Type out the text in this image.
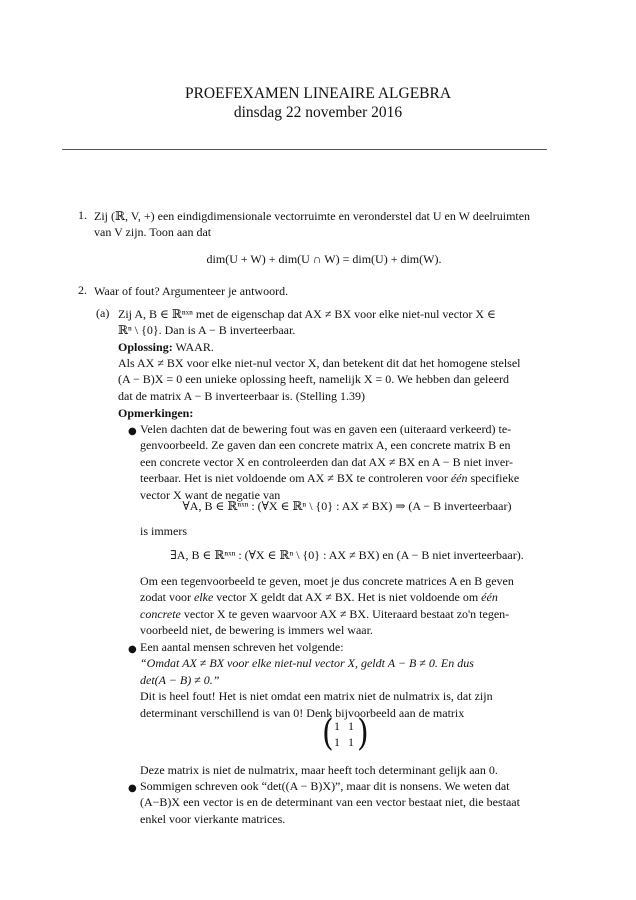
PROEFEXAMEN LINEAIRE ALGEBRA
dinsdag 22 november 2016
1. Zij (ℝ, V, +) een eindigdimensionale vectorruimte en veronderstel dat U en W deelruimten
van V zijn. Toon aan dat
dim(U + W) + dim(U ∩ W) = dim(U) + dim(W).
2. Waar of fout? Argumenteer je antwoord.
(a) Zij A, B ∈ ℝⁿˣⁿ met de eigenschap dat AX ≠ BX voor elke niet-nul vector X ∈
ℝⁿ \ {0}. Dan is A − B inverteerbaar.
Oplossing: WAAR.
Als AX ≠ BX voor elke niet-nul vector X, dan betekent dit dat het homogene stelsel
(A − B)X = 0 een unieke oplossing heeft, namelijk X = 0. We hebben dan geleerd
dat de matrix A − B inverteerbaar is. (Stelling 1.39)
Opmerkingen:
● Velen dachten dat de bewering fout was en gaven een (uiteraard verkeerd) te-
genvoorbeeld. Ze gaven dan een concrete matrix A, een concrete matrix B en
een concrete vector X en controleerden dan dat AX ≠ BX en A − B niet inver-
teerbaar. Het is niet voldoende om AX ≠ BX te controleren voor één specifieke
vector X want de negatie van
∀A, B ∈ ℝⁿˣⁿ : (∀X ∈ ℝⁿ \ {0} : AX ≠ BX) ⇒ (A − B inverteerbaar)
is immers
∃A, B ∈ ℝⁿˣⁿ : (∀X ∈ ℝⁿ \ {0} : AX ≠ BX) en (A − B niet inverteerbaar).
Om een tegenvoorbeeld te geven, moet je dus concrete matrices A en B geven
zodat voor elke vector X geldt dat AX ≠ BX. Het is niet voldoende om één
concrete vector X te geven waarvoor AX ≠ BX. Uiteraard bestaat zo'n tegen-
voorbeeld niet, de bewering is immers wel waar.
● Een aantal mensen schreven het volgende:
“Omdat AX ≠ BX voor elke niet-nul vector X, geldt A − B ≠ 0. En dus
det(A − B) ≠ 0.”
Dit is heel fout! Het is niet omdat een matrix niet de nulmatrix is, dat zijn
determinant verschillend is van 0! Denk bijvoorbeeld aan de matrix
( 1 1
1 1 )
Deze matrix is niet de nulmatrix, maar heeft toch determinant gelijk aan 0.
● Sommigen schreven ook “det((A − B)X)”, maar dit is nonsens. We weten dat
(A−B)X een vector is en de determinant van een vector bestaat niet, die bestaat
enkel voor vierkante matrices.
